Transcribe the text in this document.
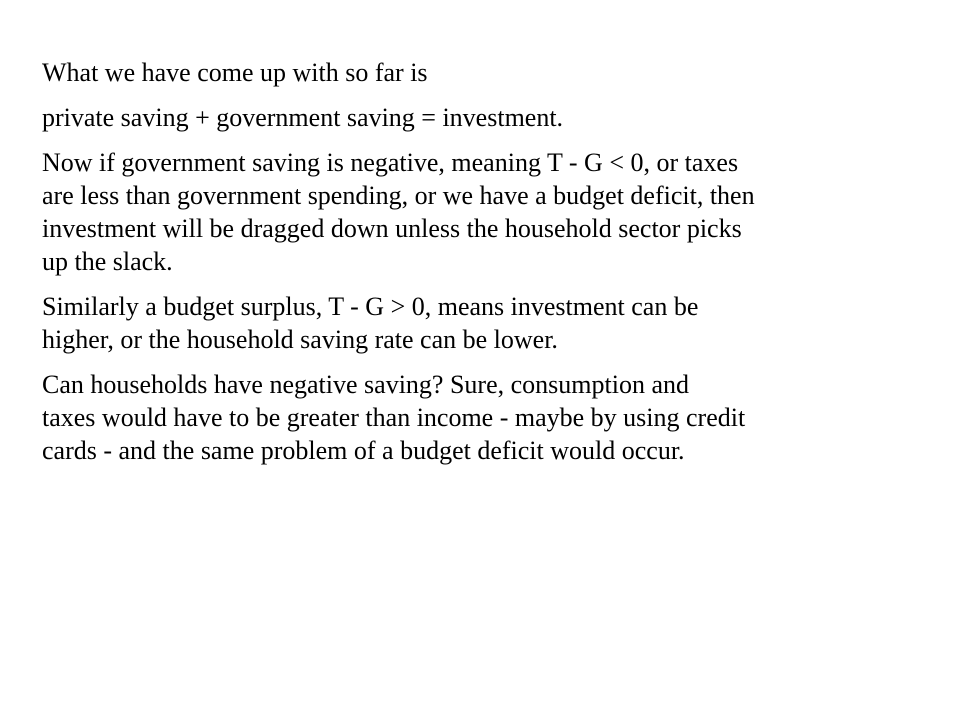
What we have come up with so far is

private saving + government saving = investment.

Now if government saving is negative, meaning T - G < 0, or taxes
are less than government spending, or we have a budget deficit, then
investment will be dragged down unless the household sector picks
up the slack.

Similarly a budget surplus, T - G > 0, means investment can be
higher, or the household saving rate can be lower.

Can households have negative saving? Sure, consumption and
taxes would have to be greater than income - maybe by using credit
cards - and the same problem of a budget deficit would occur.
